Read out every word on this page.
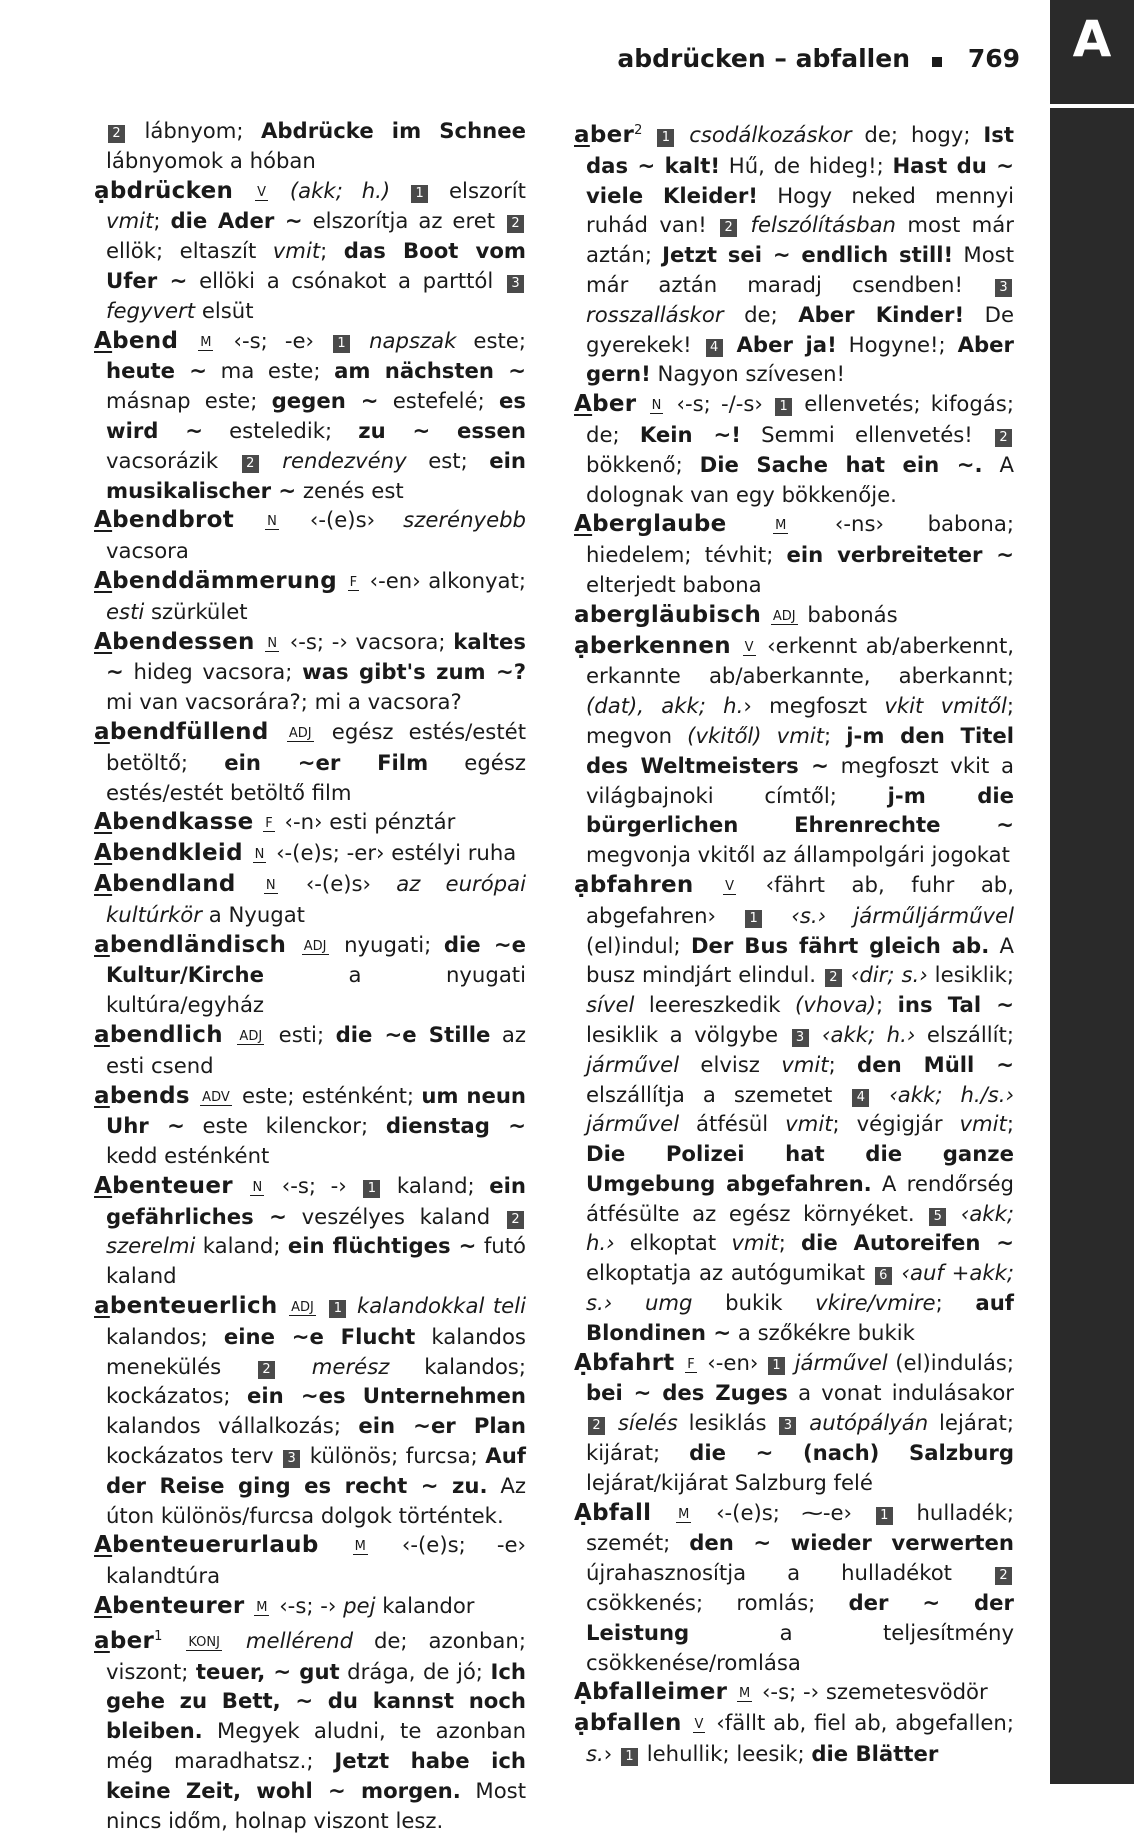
A
abdrücken – abfallen 769
2 lábnyom; Abdrücke im Schnee lábnyomok a hóban
ạbdrücken V (akk; h.) 1 elszorít vmit; die Ader ~ elszorítja az eret 2 ellök; eltaszít vmit; das Boot vom Ufer ~ ellöki a csónakot a parttól 3 fegyvert elsüt
Abend M ‹-s; -e› 1 napszak este; heute ~ ma este; am nächsten ~ másnap este; gegen ~ estefelé; es wird ~ esteledik; zu ~ essen vacsorázik 2 rendezvény est; ein musikalischer ~ zenés est
Abendbrot	N ‹-(e)s› szerényebb vacsora
Abenddämmerung F ‹-en› alkonyat; esti szürkület
Abendessen N ‹-s; -› vacsora; kaltes ~ hideg vacsora; was gibt's zum ~? mi van vacsorára?; mi a vacsora?
abendfüllend ADJ egész estés/estét betöltő; ein ~er Film egész estés/estét betöltő film
Abendkasse F ‹-n› esti pénztár
Abendkleid N ‹-(e)s; -er› estélyi ruha
Abendland N ‹-(e)s› az európai kultúrkör a Nyugat
abendländisch ADJ nyugati; die ~e Kultur/Kirche a nyugati kultúra/egyház
abendlich ADJ esti; die ~e Stille az esti csend
abends ADV este; esténként; um neun Uhr ~ este kilenckor; dienstag ~ kedd esténként
Abenteuer N ‹-s; -› 1 kaland; ein gefährliches ~ veszélyes kaland 2 szerelmi kaland; ein flüchtiges ~ futó kaland
abenteuerlich ADJ 1 kalandokkal teli kalandos; eine ~e Flucht kalandos menekülés 2 merész kalandos; kockázatos; ein ~es Unternehmen kalandos vállalkozás; ein ~er Plan kockázatos terv 3 különös; furcsa; Auf der Reise ging es recht ~ zu. Az úton különös/furcsa dolgok történtek.
Abenteuerurlaub	M ‹-(e)s; -e› kalandtúra
Abenteurer M ‹-s; -› pej kalandor
aber$^1$ KONJ mellérend de; azonban; viszont; teuer, ~ gut drága, de jó; Ich gehe zu Bett, ~ du kannst noch bleiben. Megyek aludni, te azonban még maradhatsz.; Jetzt habe ich keine Zeit, wohl ~ morgen. Most nincs időm, holnap viszont lesz.
aber$^2$ 1 csodálkozáskor de; hogy; Ist das ~ kalt! Hű, de hideg!; Hast du ~ viele Kleider! Hogy neked mennyi ruhád van! 2 felszólításban most már aztán; Jetzt sei ~ endlich still! Most már aztán maradj csendben! 3 rosszalláskor de; Aber Kinder! De gyerekek! 4 Aber ja! Hogyne!; Aber gern! Nagyon szívesen!
Aber N ‹-s; -/-s› 1 ellenvetés; kifogás; de; Kein ~! Semmi ellenvetés! 2 bökkenő; Die Sache hat ein ~. A dolognak van egy bökkenője.
Aberglaube	M ‹-ns› babona; hiedelem; tévhit; ein verbreiteter ~ elterjedt babona
abergläubisch ADJ babonás
ạberkennen V ‹erkennt ab/aberkennt, erkannte ab/aberkannte, aberkannt; (dat), akk; h.› megfoszt vkit vmitől; megvon (vkitől) vmit; j-m den Titel des Weltmeisters ~ megfoszt vkit a világbajnoki címtől; j-m die bürgerlichen Ehrenrechte ~ megvonja vkitől az állampolgári jogokat
ạbfahren V ‹fährt ab, fuhr ab, abgefahren› 1 ‹s.› járműljárművel (el)indul; Der Bus fährt gleich ab. A busz mindjárt elindul. 2 ‹dir; s.› lesiklik; sível leereszkedik (vhova); ins Tal ~ lesiklik a völgybe 3 ‹akk; h.› elszállít; járművel elvisz vmit; den Müll ~ elszállítja a szemetet 4 ‹akk; h./s.› járművel átfésül vmit; végigjár vmit; Die Polizei hat die ganze Umgebung abgefahren. A rendőrség átfésülte az egész környéket. 5 ‹akk; h.› elkoptat vmit; die Autoreifen ~ elkoptatja az autógumikat 6 ‹auf +akk; s.› umg bukik vkire/vmire; auf Blondinen ~ a szőkékre bukik
Ạbfahrt F ‹-en› 1 járművel (el)indulás; bei ~ des Zuges a vonat indulásakor 2 síelés lesiklás 3 autópályán lejárat; kijárat; die ~ (nach) Salzburg lejárat/kijárat Salzburg felé
Ạbfall M ‹-(e)s; ⁓-e› 1 hulladék; szemét; den ~ wieder verwerten újrahasznosítja a hulladékot 2 csökkenés; romlás; der ~ der Leistung a teljesítmény csökkenése/romlása
Ạbfalleimer M ‹-s; -› szemetesvödör
ạbfallen V ‹fällt ab, fiel ab, abgefallen; s.› 1 lehullik; leesik; die Blätter
